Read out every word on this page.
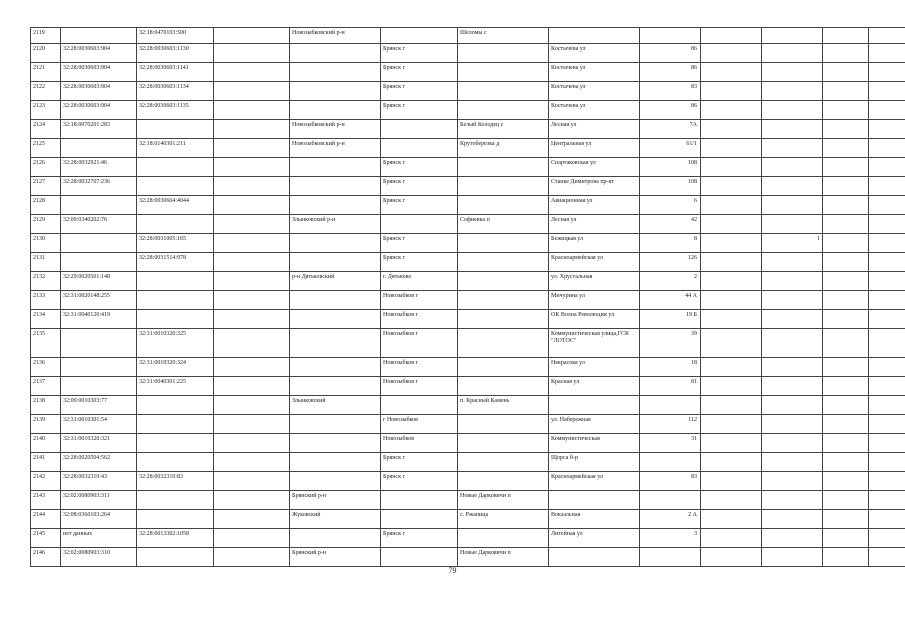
2119		32:18:0470103:500		Новозыбковский р-н		Шеломы с						
2120	32:28:0030603:904	32:28:0030603:1130			Брянск г		Костычева ул	86				
2121	32:28:0030603:904	32:28:0030603:1141			Брянск г		Костычева ул	86				
2122	32:28:0030603:904	32:28:0030603:1134			Брянск г		Костычева ул	83				
2123	32:28:0030603:904	32:28:0030603:1135			Брянск г		Костычева ул	86				
2124	32:18:0070201:283			Новозыбковский р-н		Белый Колодец с	Лесная ул	7А				
2125		32:18:0140301:211		Новозыбковский р-н		Крутоберезка д	Центральная ул	61/1				
2126	32:28:0032921:46				Брянск г		Спартаковская ул	108				
2127	32:28:0032707:236				Брянск г		Станке Димитрова пр-кт	108				
2128		32:28:0030604:4044			Брянск г		Авиационная ул	6				
2129	32:09:0340202:76			Злынковский р-н		Софиевка п	Лесная ул	42				
2130		32:28:0031005:165			Брянск г		Бежицкая ул	8		1		
2131		32:28:0031514:978			Брянск г		Красноармейская ул	126				
2132	32:29:0020501:148			р-н Дятьковский	г. Дятьково		ул. Хрустальная	2				
2133	32:31:0020148:255				Новозыбков г		Мичурина ул	44 А				
2134	32:31:0040120:419				Новозыбков г		ОК Волна Революции ул	19 Б				
2135		32:31:0010320:325			Новозыбков г		Коммунистическая улица,ГСК "ЛОТОС"	39				
2136		32:31:0010320:324			Новозыбков г		Некрасова ул	18				
2137		32:31:0040301:225			Новозыбков г		Красная ул	81				
2138	32:09:0010303:77			Злынковский		п. Красный Камень						
2139	32:31:0010301:54				г Новозыбков		ул. Набережная	112				
2140	32:31:0010320:321				Новозыбков		Коммунистическая	31				
2141	32:28:0020504:562				Брянск г		Щорса б-р					
2142	32:28:0032310:43	32:28:0032310:83			Брянск г		Красноармейская ул	83				
2143	32:02:0080903:311			Брянский р-н		Новые Дарковичи п						
2144	32:08:0360103:264			Жуковский		с. Ржаница	Вокзальная	2 А				
2145	нет данных	32:28:0013302:1058			Брянск г		Литейная ул	3				
2146	32:02:0080903:310			Брянский р-н		Новые Дарковичи п						
79
